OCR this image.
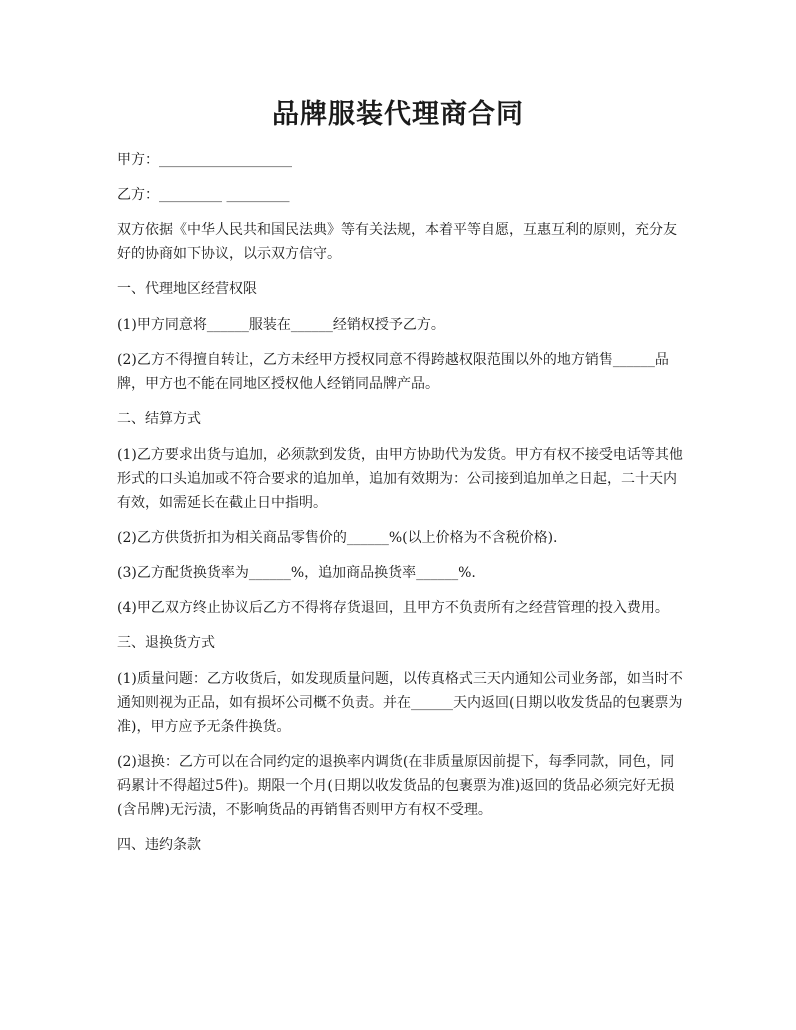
品牌服装代理商合同

甲方：___________________

乙方：_________ _________

双方依据《中华人民共和国民法典》等有关法规，本着平等自愿，互惠互利的原则，充分友好的协商如下协议，以示双方信守。

一、代理地区经营权限

(1)甲方同意将______服装在______经销权授予乙方。

(2)乙方不得擅自转让，乙方未经甲方授权同意不得跨越权限范围以外的地方销售______品牌，甲方也不能在同地区授权他人经销同品牌产品。

二、结算方式

(1)乙方要求出货与追加，必须款到发货，由甲方协助代为发货。甲方有权不接受电话等其他形式的口头追加或不符合要求的追加单，追加有效期为：公司接到追加单之日起，二十天内有效，如需延长在截止日中指明。

(2)乙方供货折扣为相关商品零售价的______%(以上价格为不含税价格).

(3)乙方配货换货率为______%，追加商品换货率______%.

(4)甲乙双方终止协议后乙方不得将存货退回，且甲方不负责所有之经营管理的投入费用。

三、退换货方式

(1)质量问题：乙方收货后，如发现质量问题，以传真格式三天内通知公司业务部，如当时不通知则视为正品，如有损坏公司概不负责。并在______天内返回(日期以收发货品的包裹票为准)，甲方应予无条件换货。

(2)退换：乙方可以在合同约定的退换率内调货(在非质量原因前提下，每季同款，同色，同码累计不得超过5件)。期限一个月(日期以收发货品的包裹票为准)返回的货品必须完好无损(含吊牌)无污渍，不影响货品的再销售否则甲方有权不受理。

四、违约条款
